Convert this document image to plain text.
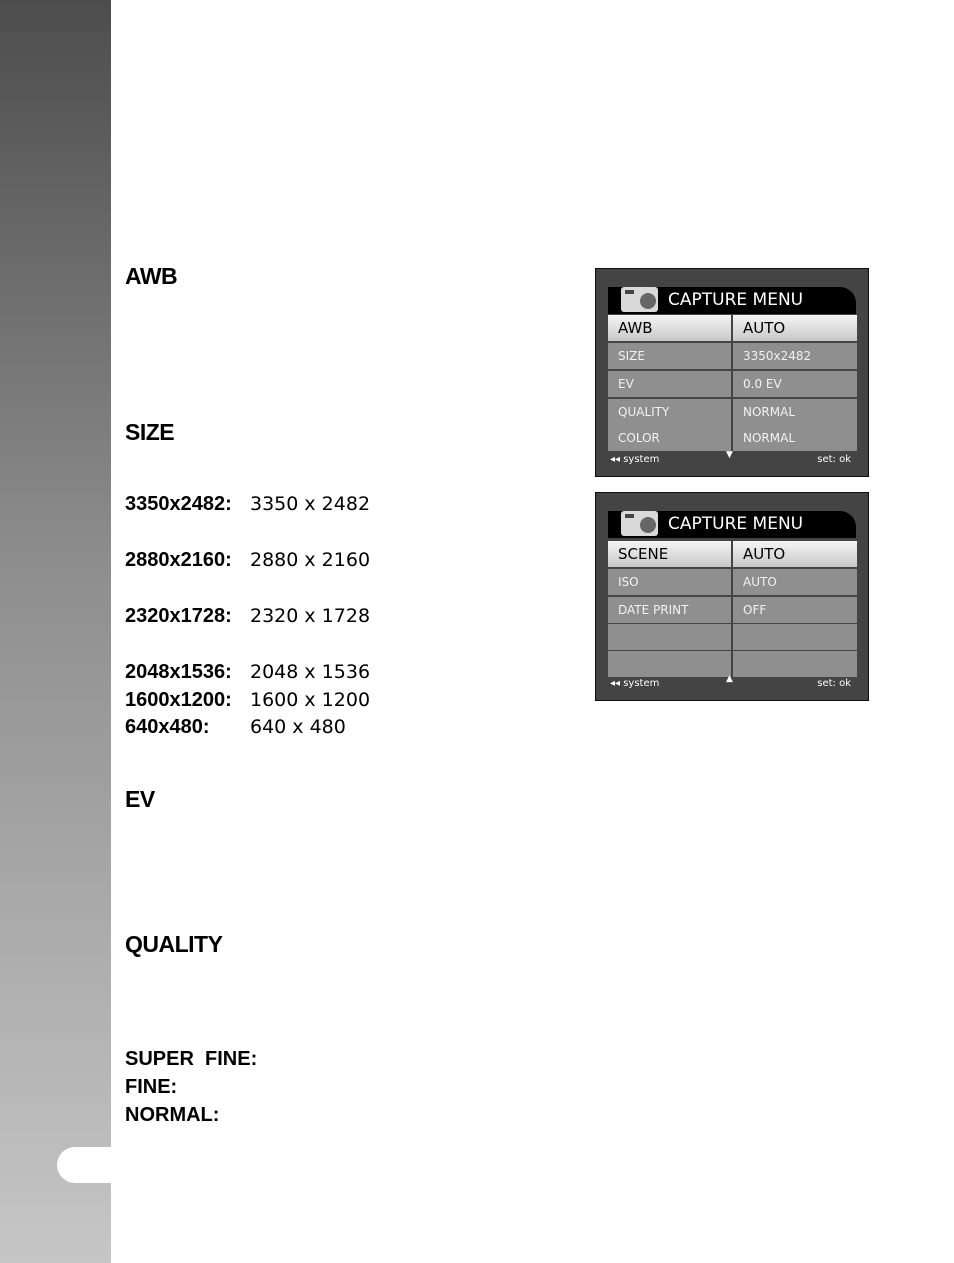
AWB
SIZE
3350x2482: 3350 x 2482
2880x2160: 2880 x 2160
2320x1728: 2320 x 1728
2048x1536: 2048 x 1536
1600x1200: 1600 x 1200
640x480: 640 x 480
EV
QUALITY
SUPER  FINE:
FINE:
NORMAL:
CAPTURE MENU
AWB	AUTO
SIZE	3350x2482
EV	0.0 EV
QUALITY	NORMAL
COLOR	NORMAL
◂◂ system	▼	set: ok
CAPTURE MENU
SCENE	AUTO
ISO	AUTO
DATE PRINT	OFF
◂◂ system	▲	set: ok
